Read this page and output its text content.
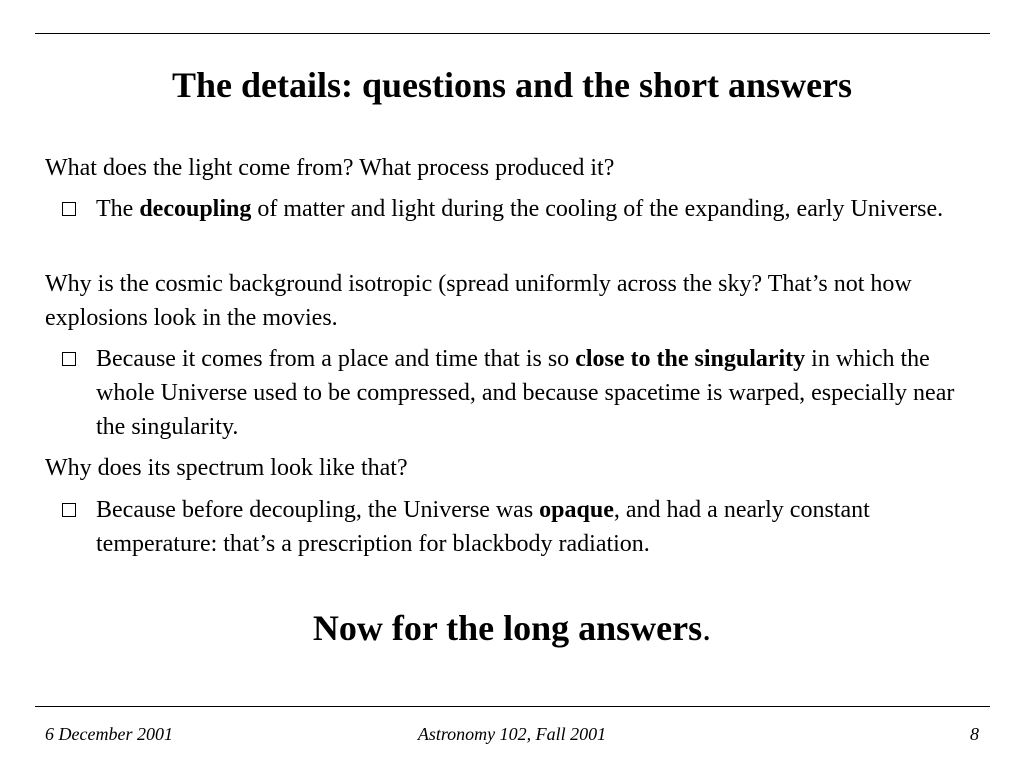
The details: questions and the short answers

What does the light come from? What process produced it?

The decoupling of matter and light during the cooling of the expanding, early Universe.

Why is the cosmic background isotropic (spread uniformly across the sky? That’s not how explosions look in the movies.

Because it comes from a place and time that is so close to the singularity in which the whole Universe used to be compressed, and because spacetime is warped, especially near the singularity.

Why does its spectrum look like that?

Because before decoupling, the Universe was opaque, and had a nearly constant temperature: that’s a prescription for blackbody radiation.

Now for the long answers.

6 December 2001	Astronomy 102, Fall 2001	8
